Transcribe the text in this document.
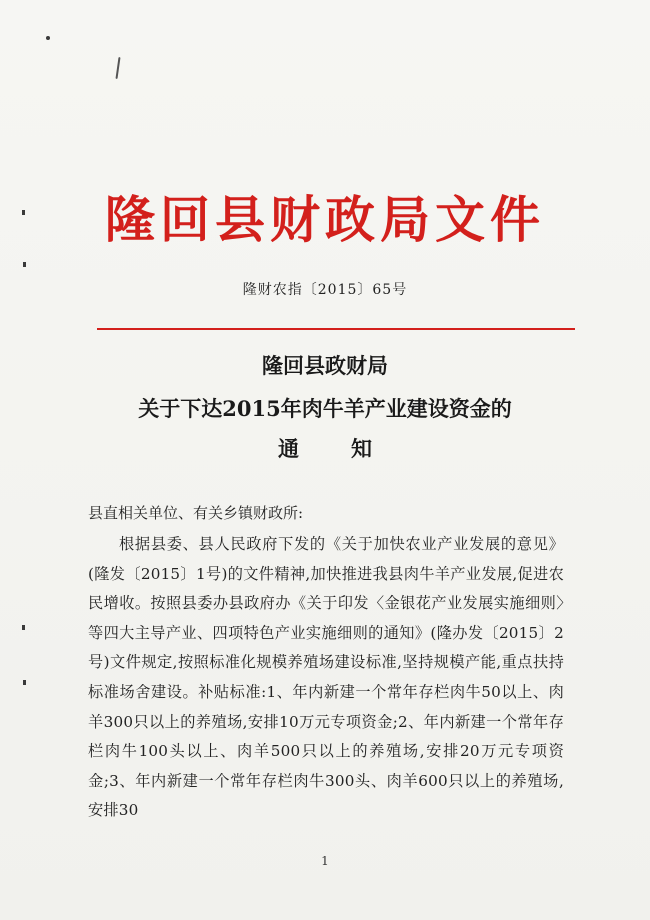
隆回县财政局文件
隆财农指〔2015〕65号
隆回县政财局
关于下达2015年肉牛羊产业建设资金的
通知
县直相关单位、有关乡镇财政所:
根据县委、县人民政府下发的《关于加快农业产业发展的意见》(隆发〔2015〕1号)的文件精神,加快推进我县肉牛羊产业发展,促进农民增收。按照县委办县政府办《关于印发〈金银花产业发展实施细则〉等四大主导产业、四项特色产业实施细则的通知》(隆办发〔2015〕2号)文件规定,按照标准化规模养殖场建设标准,坚持规模产能,重点扶持标准场舍建设。补贴标准:1、年内新建一个常年存栏肉牛50以上、肉羊300只以上的养殖场,安排10万元专项资金;2、年内新建一个常年存栏肉牛100头以上、肉羊500只以上的养殖场,安排20万元专项资金;3、年内新建一个常年存栏肉牛300头、肉羊600只以上的养殖场,安排30
1
